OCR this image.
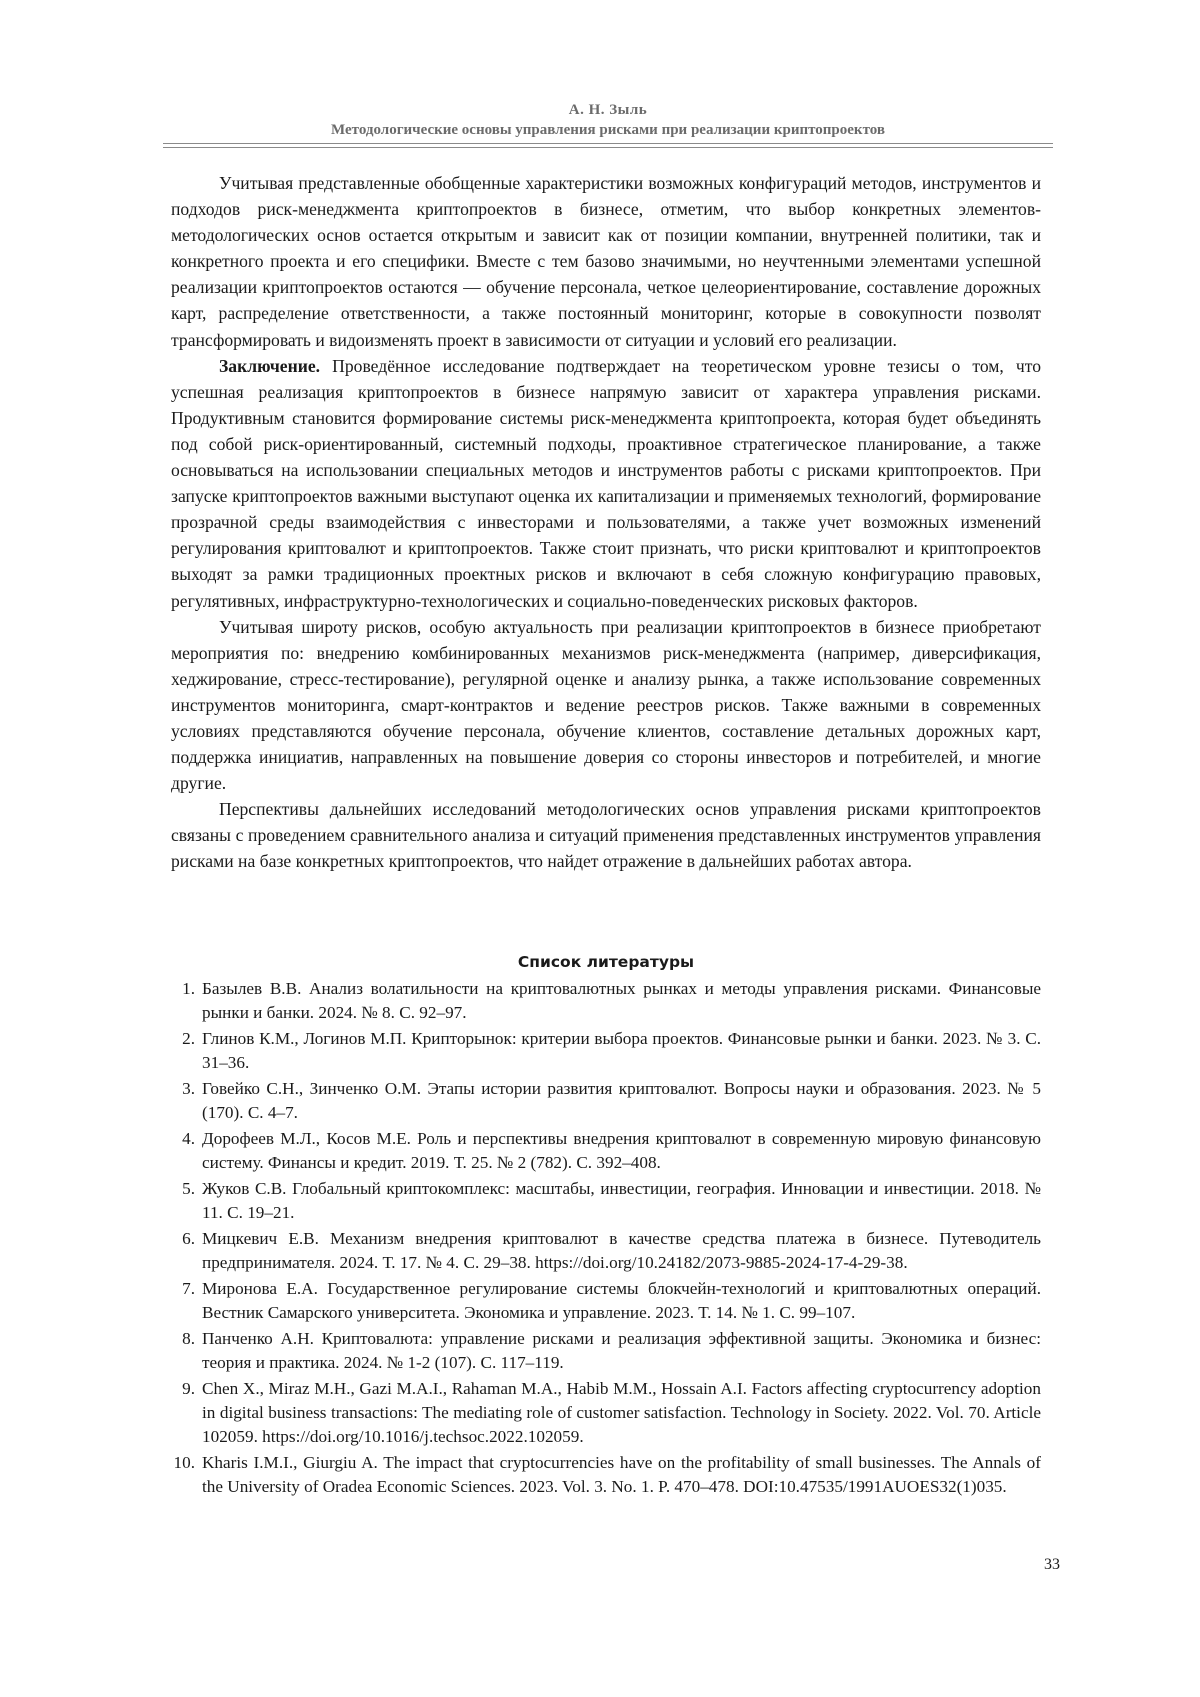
А. Н. Зыль
Методологические основы управления рисками при реализации криптопроектов

Учитывая представленные обобщенные характеристики возможных конфигураций методов, инструментов и подходов риск-менеджмента криптопроектов в бизнесе, отметим, что выбор конкретных элементов-методологических основ остается открытым и зависит как от позиции компании, внутренней политики, так и конкретного проекта и его специфики. Вместе с тем базово значимыми, но неучтенными элементами успешной реализации криптопроектов остаются — обучение персонала, четкое целеориентирование, составление дорожных карт, распределение ответственности, а также постоянный мониторинг, которые в совокупности позволят трансформировать и видоизменять проект в зависимости от ситуации и условий его реализации.

Заключение. Проведённое исследование подтверждает на теоретическом уровне тезисы о том, что успешная реализация криптопроектов в бизнесе напрямую зависит от характера управления рисками. Продуктивным становится формирование системы риск-менеджмента криптопроекта, которая будет объединять под собой риск-ориентированный, системный подходы, проактивное стратегическое планирование, а также основываться на использовании специальных методов и инструментов работы с рисками криптопроектов. При запуске криптопроектов важными выступают оценка их капитализации и применяемых технологий, формирование прозрачной среды взаимодействия с инвесторами и пользователями, а также учет возможных изменений регулирования криптовалют и криптопроектов. Также стоит признать, что риски криптовалют и криптопроектов выходят за рамки традиционных проектных рисков и включают в себя сложную конфигурацию правовых, регулятивных, инфраструктурно-технологических и социально-поведенческих рисковых факторов.

Учитывая широту рисков, особую актуальность при реализации криптопроектов в бизнесе приобретают мероприятия по: внедрению комбинированных механизмов риск-менеджмента (например, диверсификация, хеджирование, стресс-тестирование), регулярной оценке и анализу рынка, а также использование современных инструментов мониторинга, смарт-контрактов и ведение реестров рисков. Также важными в современных условиях представляются обучение персонала, обучение клиентов, составление детальных дорожных карт, поддержка инициатив, направленных на повышение доверия со стороны инвесторов и потребителей, и многие другие.

Перспективы дальнейших исследований методологических основ управления рисками криптопроектов связаны с проведением сравнительного анализа и ситуаций применения представленных инструментов управления рисками на базе конкретных криптопроектов, что найдет отражение в дальнейших работах автора.

Список литературы
1. Базылев В.В. Анализ волатильности на криптовалютных рынках и методы управления рисками. Финансовые рынки и банки. 2024. № 8. С. 92–97.
2. Глинов К.М., Логинов М.П. Крипторынок: критерии выбора проектов. Финансовые рынки и банки. 2023. № 3. С. 31–36.
3. Говейко С.Н., Зинченко О.М. Этапы истории развития криптовалют. Вопросы науки и образования. 2023. № 5 (170). С. 4–7.
4. Дорофеев М.Л., Косов М.Е. Роль и перспективы внедрения криптовалют в современную мировую финансовую систему. Финансы и кредит. 2019. Т. 25. № 2 (782). С. 392–408.
5. Жуков С.В. Глобальный криптокомплекс: масштабы, инвестиции, география. Инновации и инвестиции. 2018. № 11. С. 19–21.
6. Мицкевич Е.В. Механизм внедрения криптовалют в качестве средства платежа в бизнесе. Путеводитель предпринимателя. 2024. Т. 17. № 4. С. 29–38. https://doi.org/10.24182/2073-9885-2024-17-4-29-38.
7. Миронова Е.А. Государственное регулирование системы блокчейн-технологий и криптовалютных операций. Вестник Самарского университета. Экономика и управление. 2023. Т. 14. № 1. С. 99–107.
8. Панченко А.Н. Криптовалюта: управление рисками и реализация эффективной защиты. Экономика и бизнес: теория и практика. 2024. № 1-2 (107). С. 117–119.
9. Chen X., Miraz M.H., Gazi M.A.I., Rahaman M.A., Habib M.M., Hossain A.I. Factors affecting cryptocurrency adoption in digital business transactions: The mediating role of customer satisfaction. Technology in Society. 2022. Vol. 70. Article 102059. https://doi.org/10.1016/j.techsoc.2022.102059.
10. Kharis I.M.I., Giurgiu A. The impact that cryptocurrencies have on the profitability of small businesses. The Annals of the University of Oradea Economic Sciences. 2023. Vol. 3. No. 1. P. 470–478. DOI:10.47535/1991AUOES32(1)035.
33
